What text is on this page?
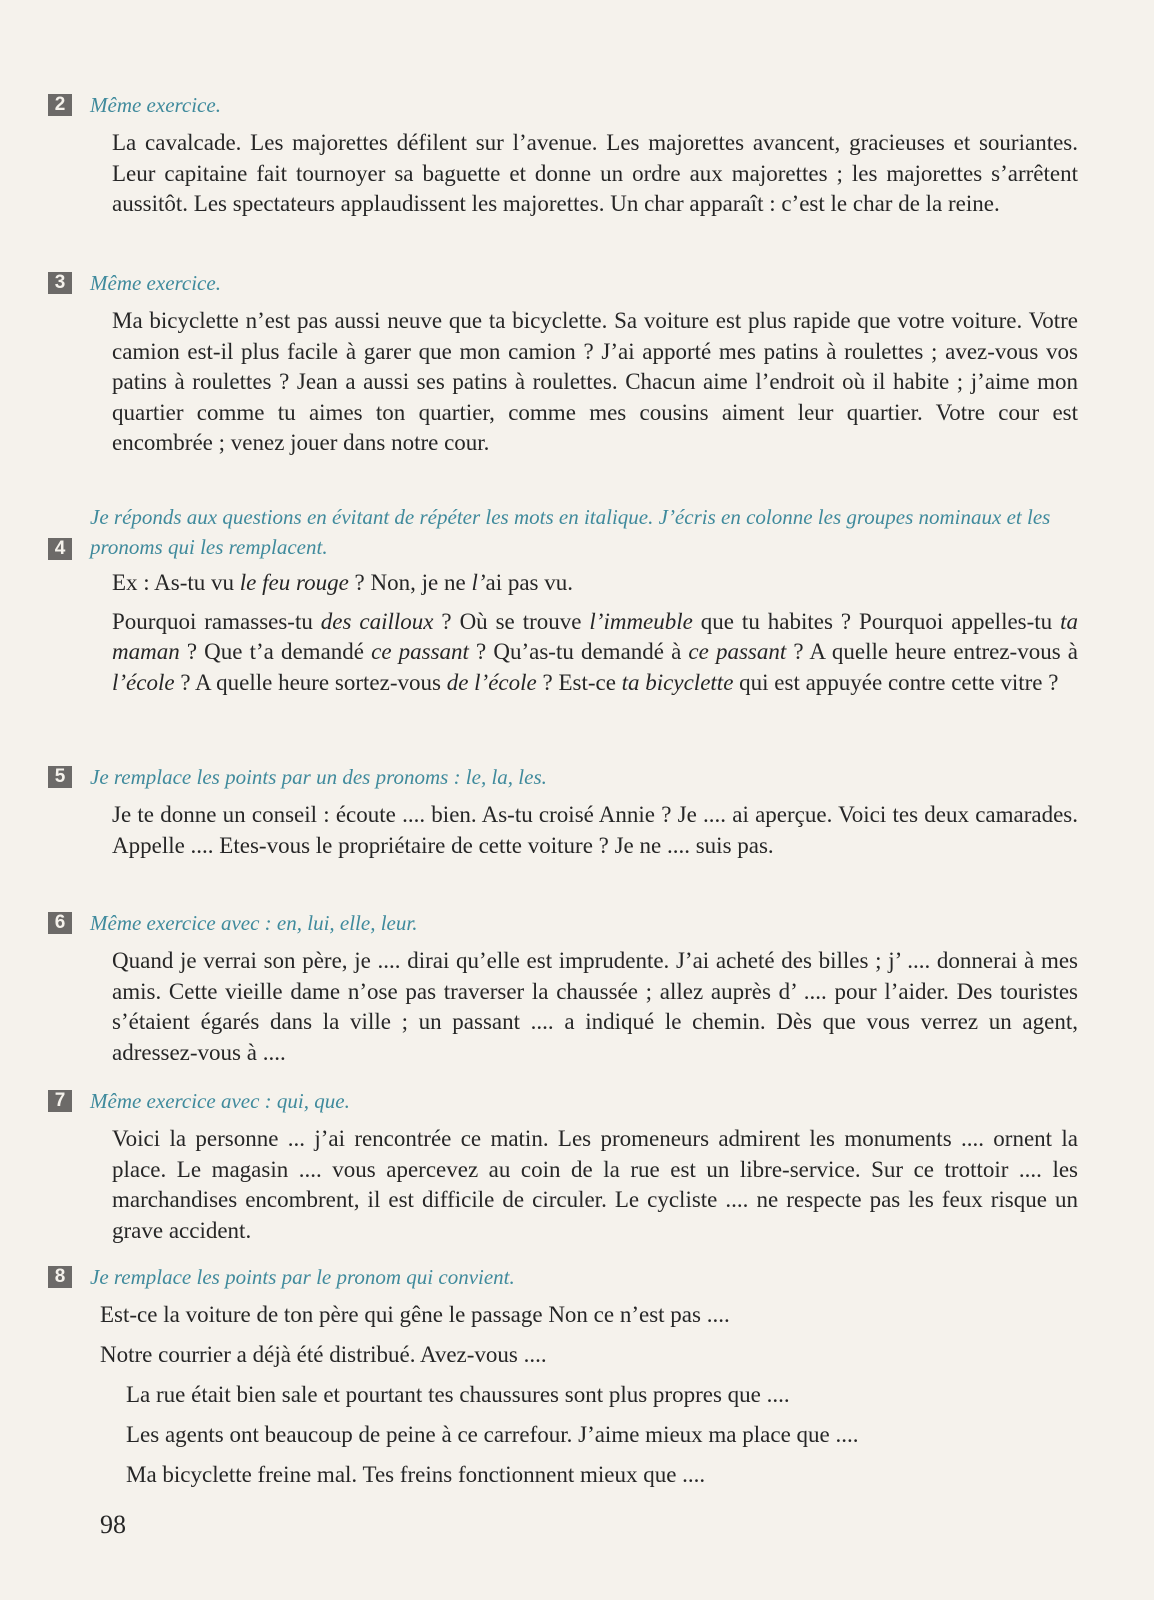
2	Même exercice.

La cavalcade. Les majorettes défilent sur l’avenue. Les majorettes avancent, gracieuses et souriantes. Leur capitaine fait tournoyer sa baguette et donne un ordre aux majorettes ; les majorettes s’arrêtent aussitôt. Les spectateurs applaudissent les majorettes. Un char apparaît : c’est le char de la reine.

3	Même exercice.

Ma bicyclette n’est pas aussi neuve que ta bicyclette. Sa voiture est plus rapide que votre voiture. Votre camion est-il plus facile à garer que mon camion ? J’ai apporté mes patins à roulettes ; avez-vous vos patins à roulettes ? Jean a aussi ses patins à roulettes. Chacun aime l’endroit où il habite ; j’aime mon quartier comme tu aimes ton quartier, comme mes cousins aiment leur quartier. Votre cour est encombrée ; venez jouer dans notre cour.

4
Je réponds aux questions en évitant de répéter les mots en italique. J’écris en colonne les groupes nominaux et les pronoms qui les remplacent.

Ex : As-tu vu le feu rouge ? Non, je ne l’ai pas vu.

Pourquoi ramasses-tu des cailloux ? Où se trouve l’immeuble que tu habites ? Pourquoi appelles-tu ta maman ? Que t’a demandé ce passant ? Qu’as-tu demandé à ce passant ? A quelle heure entrez-vous à l’école ? A quelle heure sortez-vous de l’école ? Est-ce ta bicyclette qui est appuyée contre cette vitre ?

5	Je remplace les points par un des pronoms : le, la, les.

Je te donne un conseil : écoute .... bien. As-tu croisé Annie ? Je .... ai aperçue. Voici tes deux camarades. Appelle .... Etes-vous le propriétaire de cette voiture ? Je ne .... suis pas.

6	Même exercice avec : en, lui, elle, leur.

Quand je verrai son père, je .... dirai qu’elle est imprudente. J’ai acheté des billes ; j’ .... donnerai à mes amis. Cette vieille dame n’ose pas traverser la chaussée ; allez auprès d’ .... pour l’aider. Des touristes s’étaient égarés dans la ville ; un passant .... a indiqué le chemin. Dès que vous verrez un agent, adressez-vous à ....

7	Même exercice avec : qui, que.

Voici la personne ... j’ai rencontrée ce matin. Les promeneurs admirent les monuments .... ornent la place. Le magasin .... vous apercevez au coin de la rue est un libre-service. Sur ce trottoir .... les marchandises encombrent, il est difficile de circuler. Le cycliste .... ne respecte pas les feux risque un grave accident.

8	Je remplace les points par le pronom qui convient.
Est-ce la voiture de ton père qui gêne le passage Non ce n’est pas ....
Notre courrier a déjà été distribué. Avez-vous ....
La rue était bien sale et pourtant tes chaussures sont plus propres que ....
Les agents ont beaucoup de peine à ce carrefour. J’aime mieux ma place que ....
Ma bicyclette freine mal. Tes freins fonctionnent mieux que ....
98
